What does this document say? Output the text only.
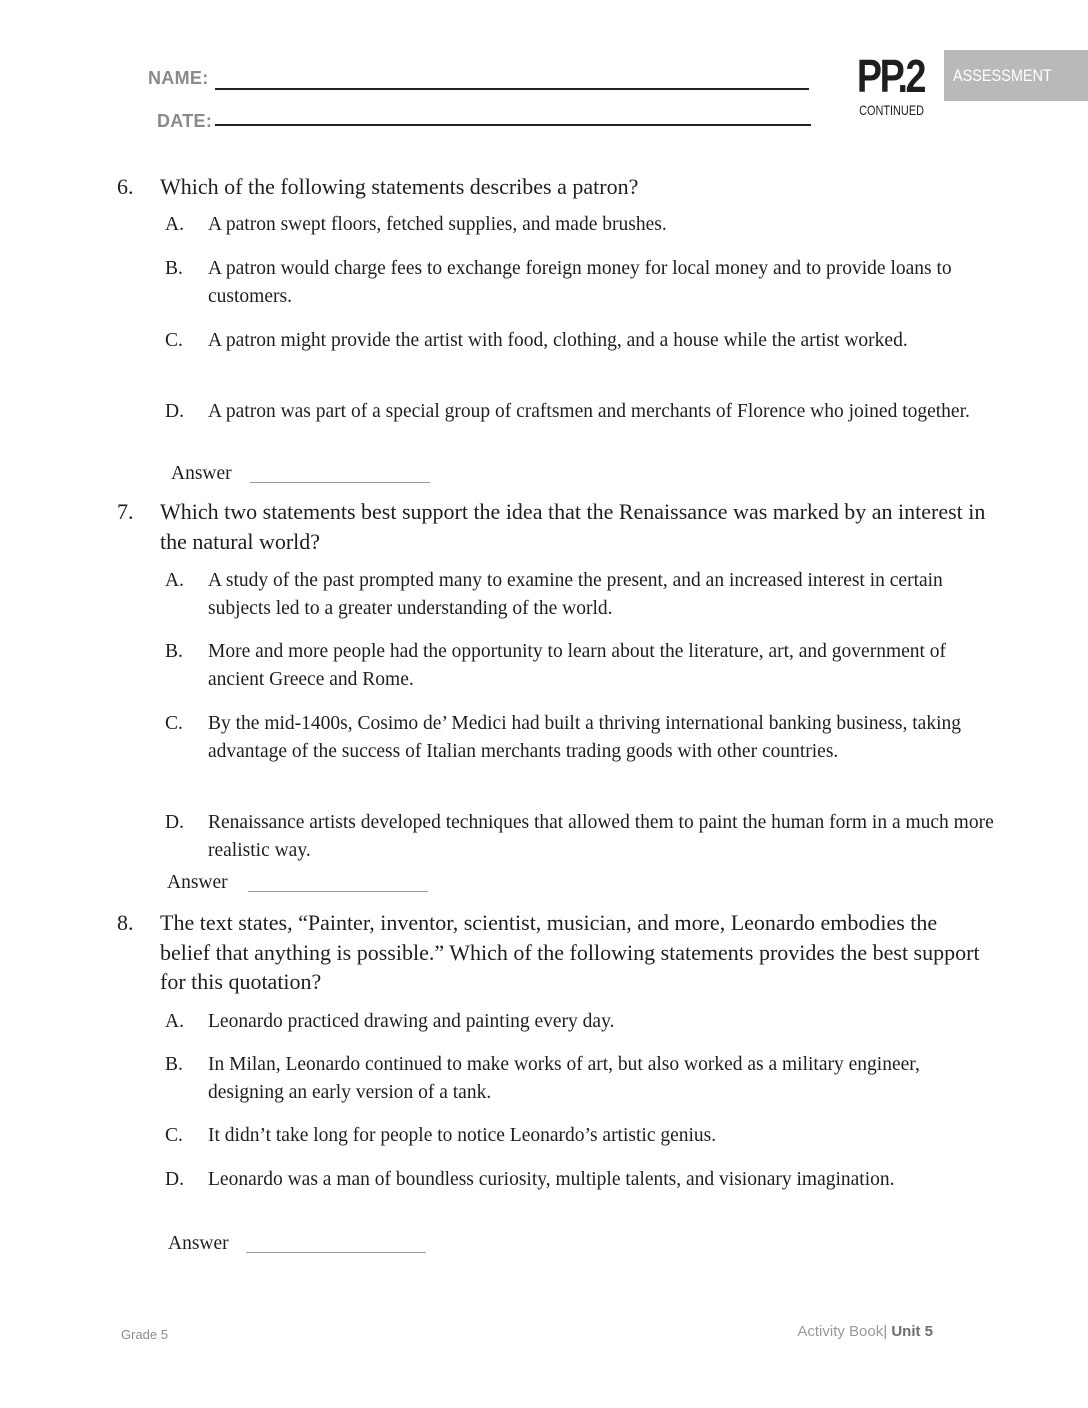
NAME:
DATE:
PP.2
CONTINUED
ASSESSMENT
6. Which of the following statements describes a patron?
A. A patron swept floors, fetched supplies, and made brushes.
B. A patron would charge fees to exchange foreign money for local money and to provide loans to customers.
C. A patron might provide the artist with food, clothing, and a house while the artist worked.
D. A patron was part of a special group of craftsmen and merchants of Florence who joined together.
Answer
7. Which two statements best support the idea that the Renaissance was marked by an interest in the natural world?
A. A study of the past prompted many to examine the present, and an increased interest in certain subjects led to a greater understanding of the world.
B. More and more people had the opportunity to learn about the literature, art, and government of ancient Greece and Rome.
C. By the mid-1400s, Cosimo de’ Medici had built a thriving international banking business, taking advantage of the success of Italian merchants trading goods with other countries.
D. Renaissance artists developed techniques that allowed them to paint the human form in a much more realistic way.
Answer
8. The text states, “Painter, inventor, scientist, musician, and more, Leonardo embodies the belief that anything is possible.” Which of the following statements provides the best support for this quotation?
A. Leonardo practiced drawing and painting every day.
B. In Milan, Leonardo continued to make works of art, but also worked as a military engineer, designing an early version of a tank.
C. It didn’t take long for people to notice Leonardo’s artistic genius.
D. Leonardo was a man of boundless curiosity, multiple talents, and visionary imagination.
Answer
Grade 5	Activity Book| Unit 5
